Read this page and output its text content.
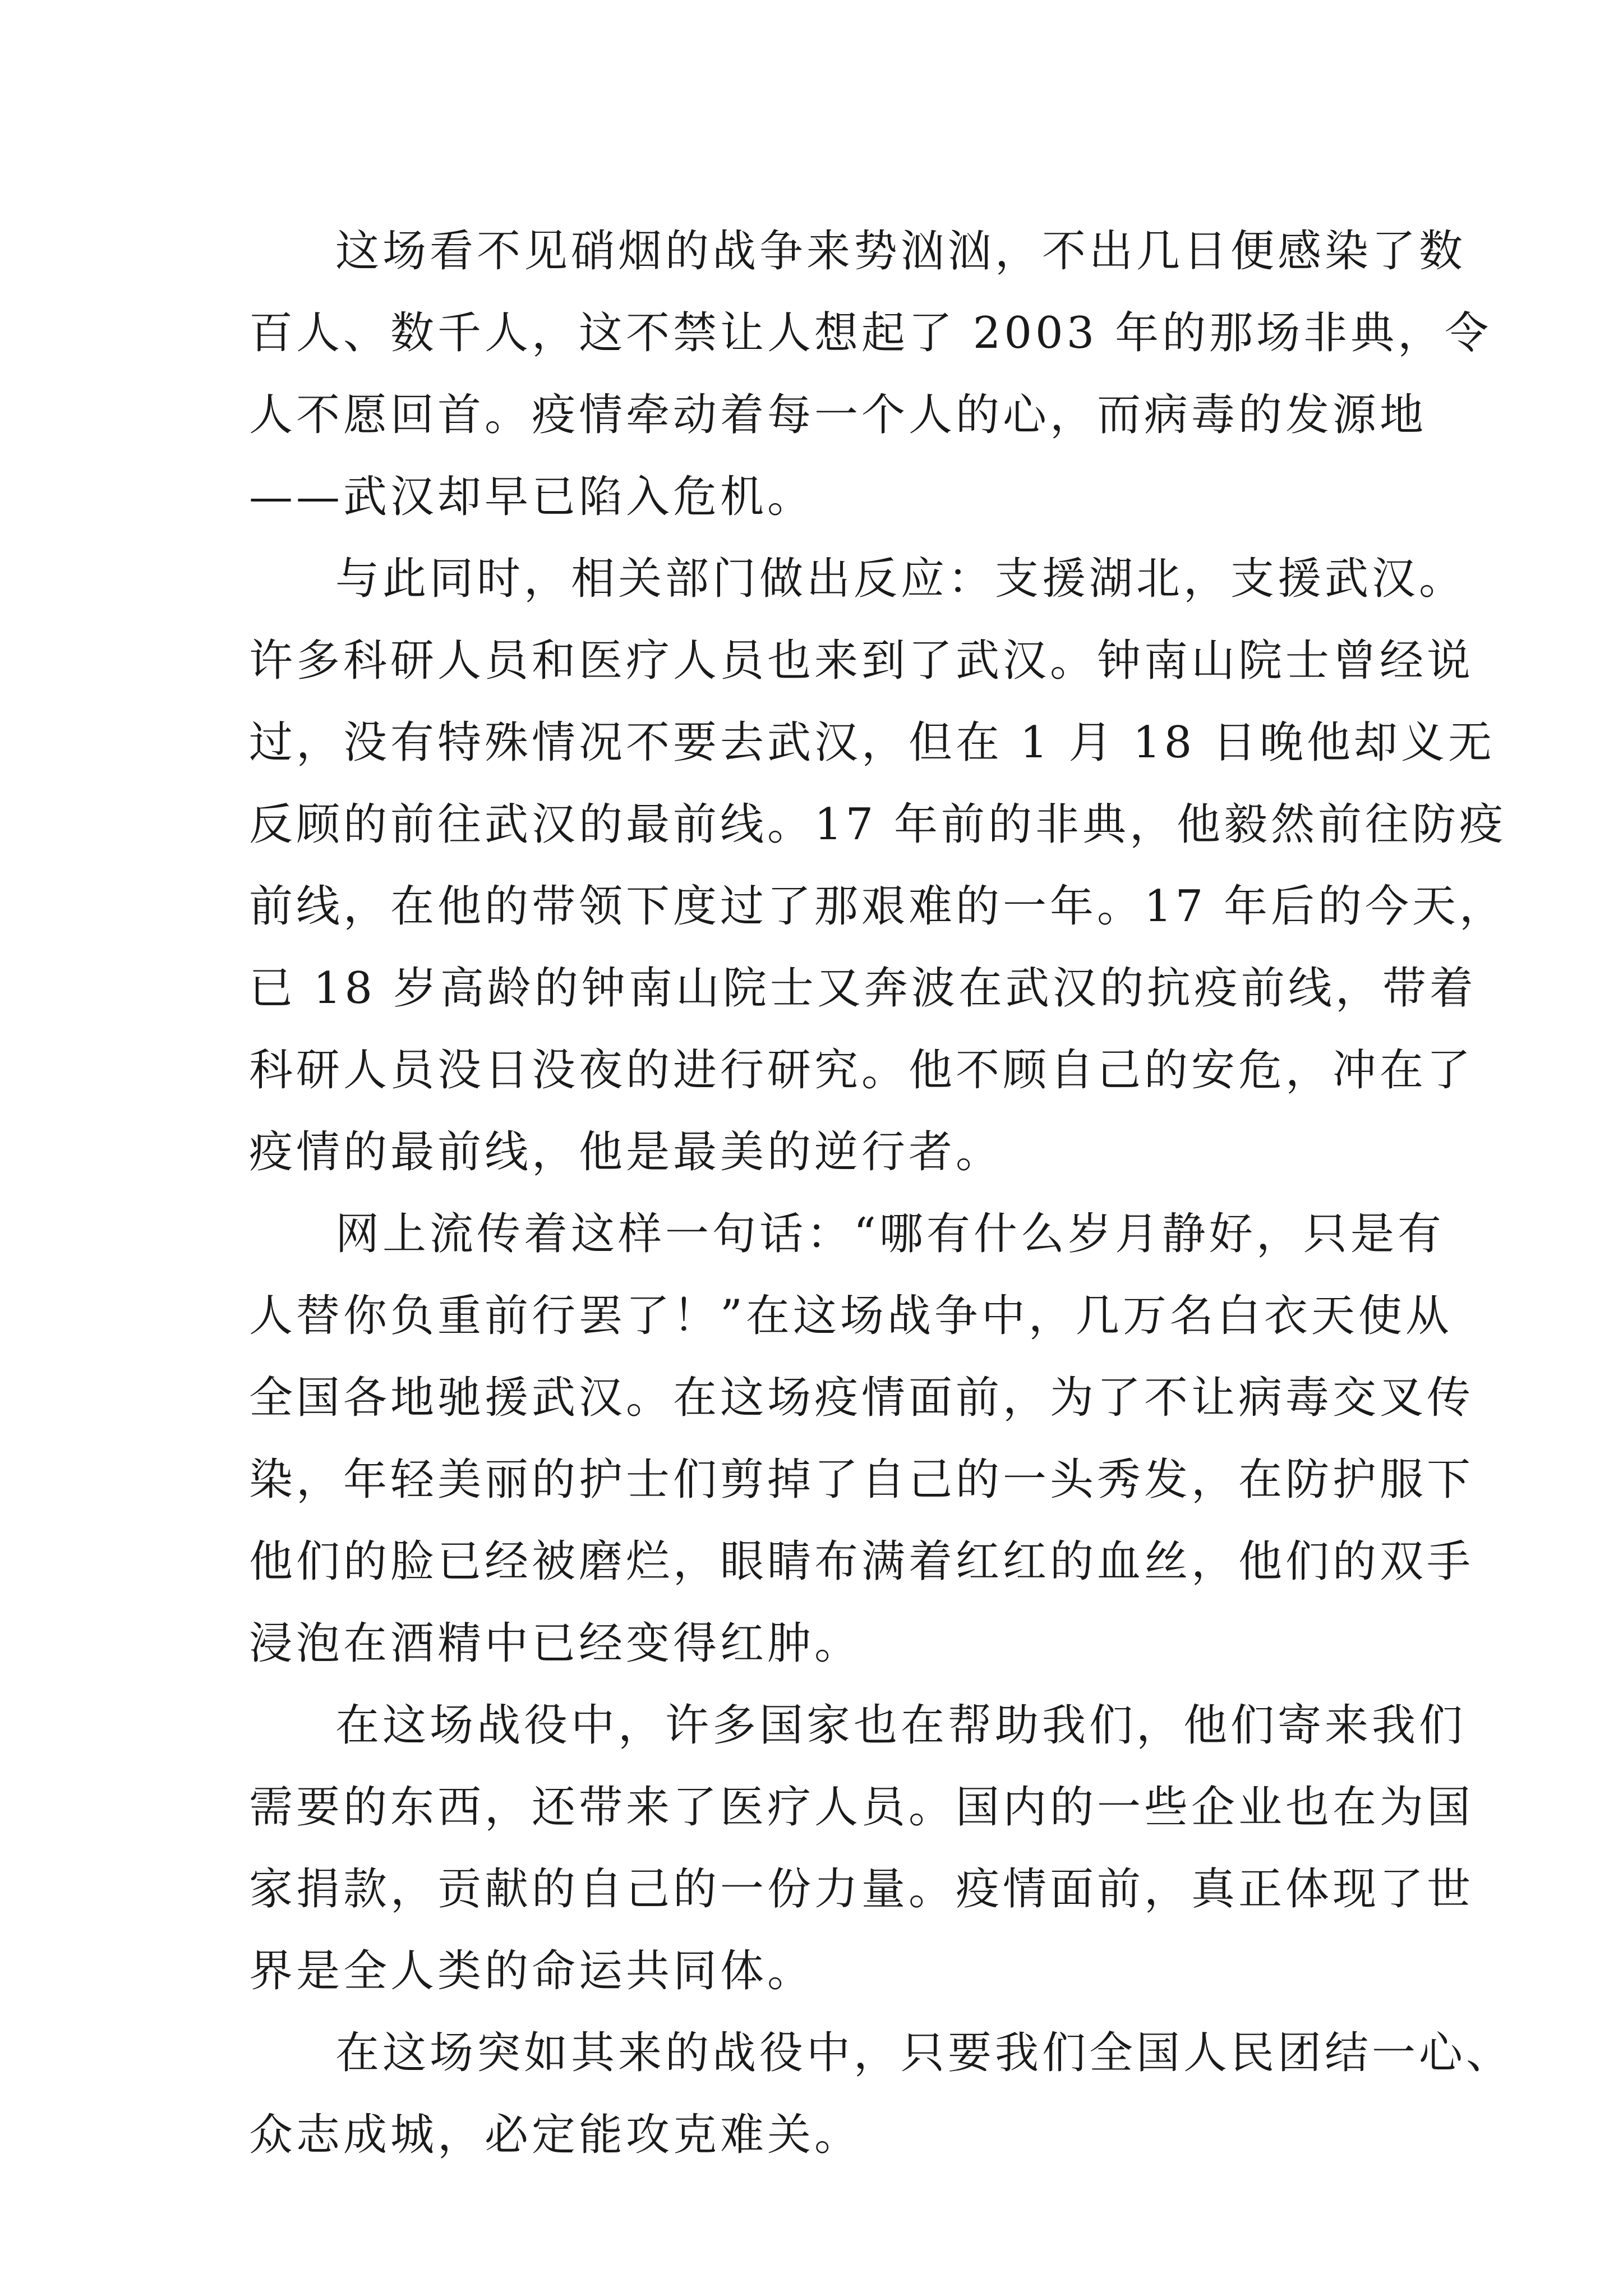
这场看不见硝烟的战争来势汹汹，不出几日便感染了数
百人、数千人，这不禁让人想起了 2003 年的那场非典，令
人不愿回首。疫情牵动着每一个人的心，而病毒的发源地
——武汉却早已陷入危机。
与此同时，相关部门做出反应：支援湖北，支援武汉。
许多科研人员和医疗人员也来到了武汉。钟南山院士曾经说
过，没有特殊情况不要去武汉，但在 1 月 18 日晚他却义无
反顾的前往武汉的最前线。17 年前的非典，他毅然前往防疫
前线，在他的带领下度过了那艰难的一年。17 年后的今天，
已 18 岁高龄的钟南山院士又奔波在武汉的抗疫前线，带着
科研人员没日没夜的进行研究。他不顾自己的安危，冲在了
疫情的最前线，他是最美的逆行者。
网上流传着这样一句话：“哪有什么岁月静好，只是有
人替你负重前行罢了！”在这场战争中，几万名白衣天使从
全国各地驰援武汉。在这场疫情面前，为了不让病毒交叉传
染，年轻美丽的护士们剪掉了自己的一头秀发，在防护服下
他们的脸已经被磨烂，眼睛布满着红红的血丝，他们的双手
浸泡在酒精中已经变得红肿。
在这场战役中，许多国家也在帮助我们，他们寄来我们
需要的东西，还带来了医疗人员。国内的一些企业也在为国
家捐款，贡献的自己的一份力量。疫情面前，真正体现了世
界是全人类的命运共同体。
在这场突如其来的战役中，只要我们全国人民团结一心、
众志成城，必定能攻克难关。
